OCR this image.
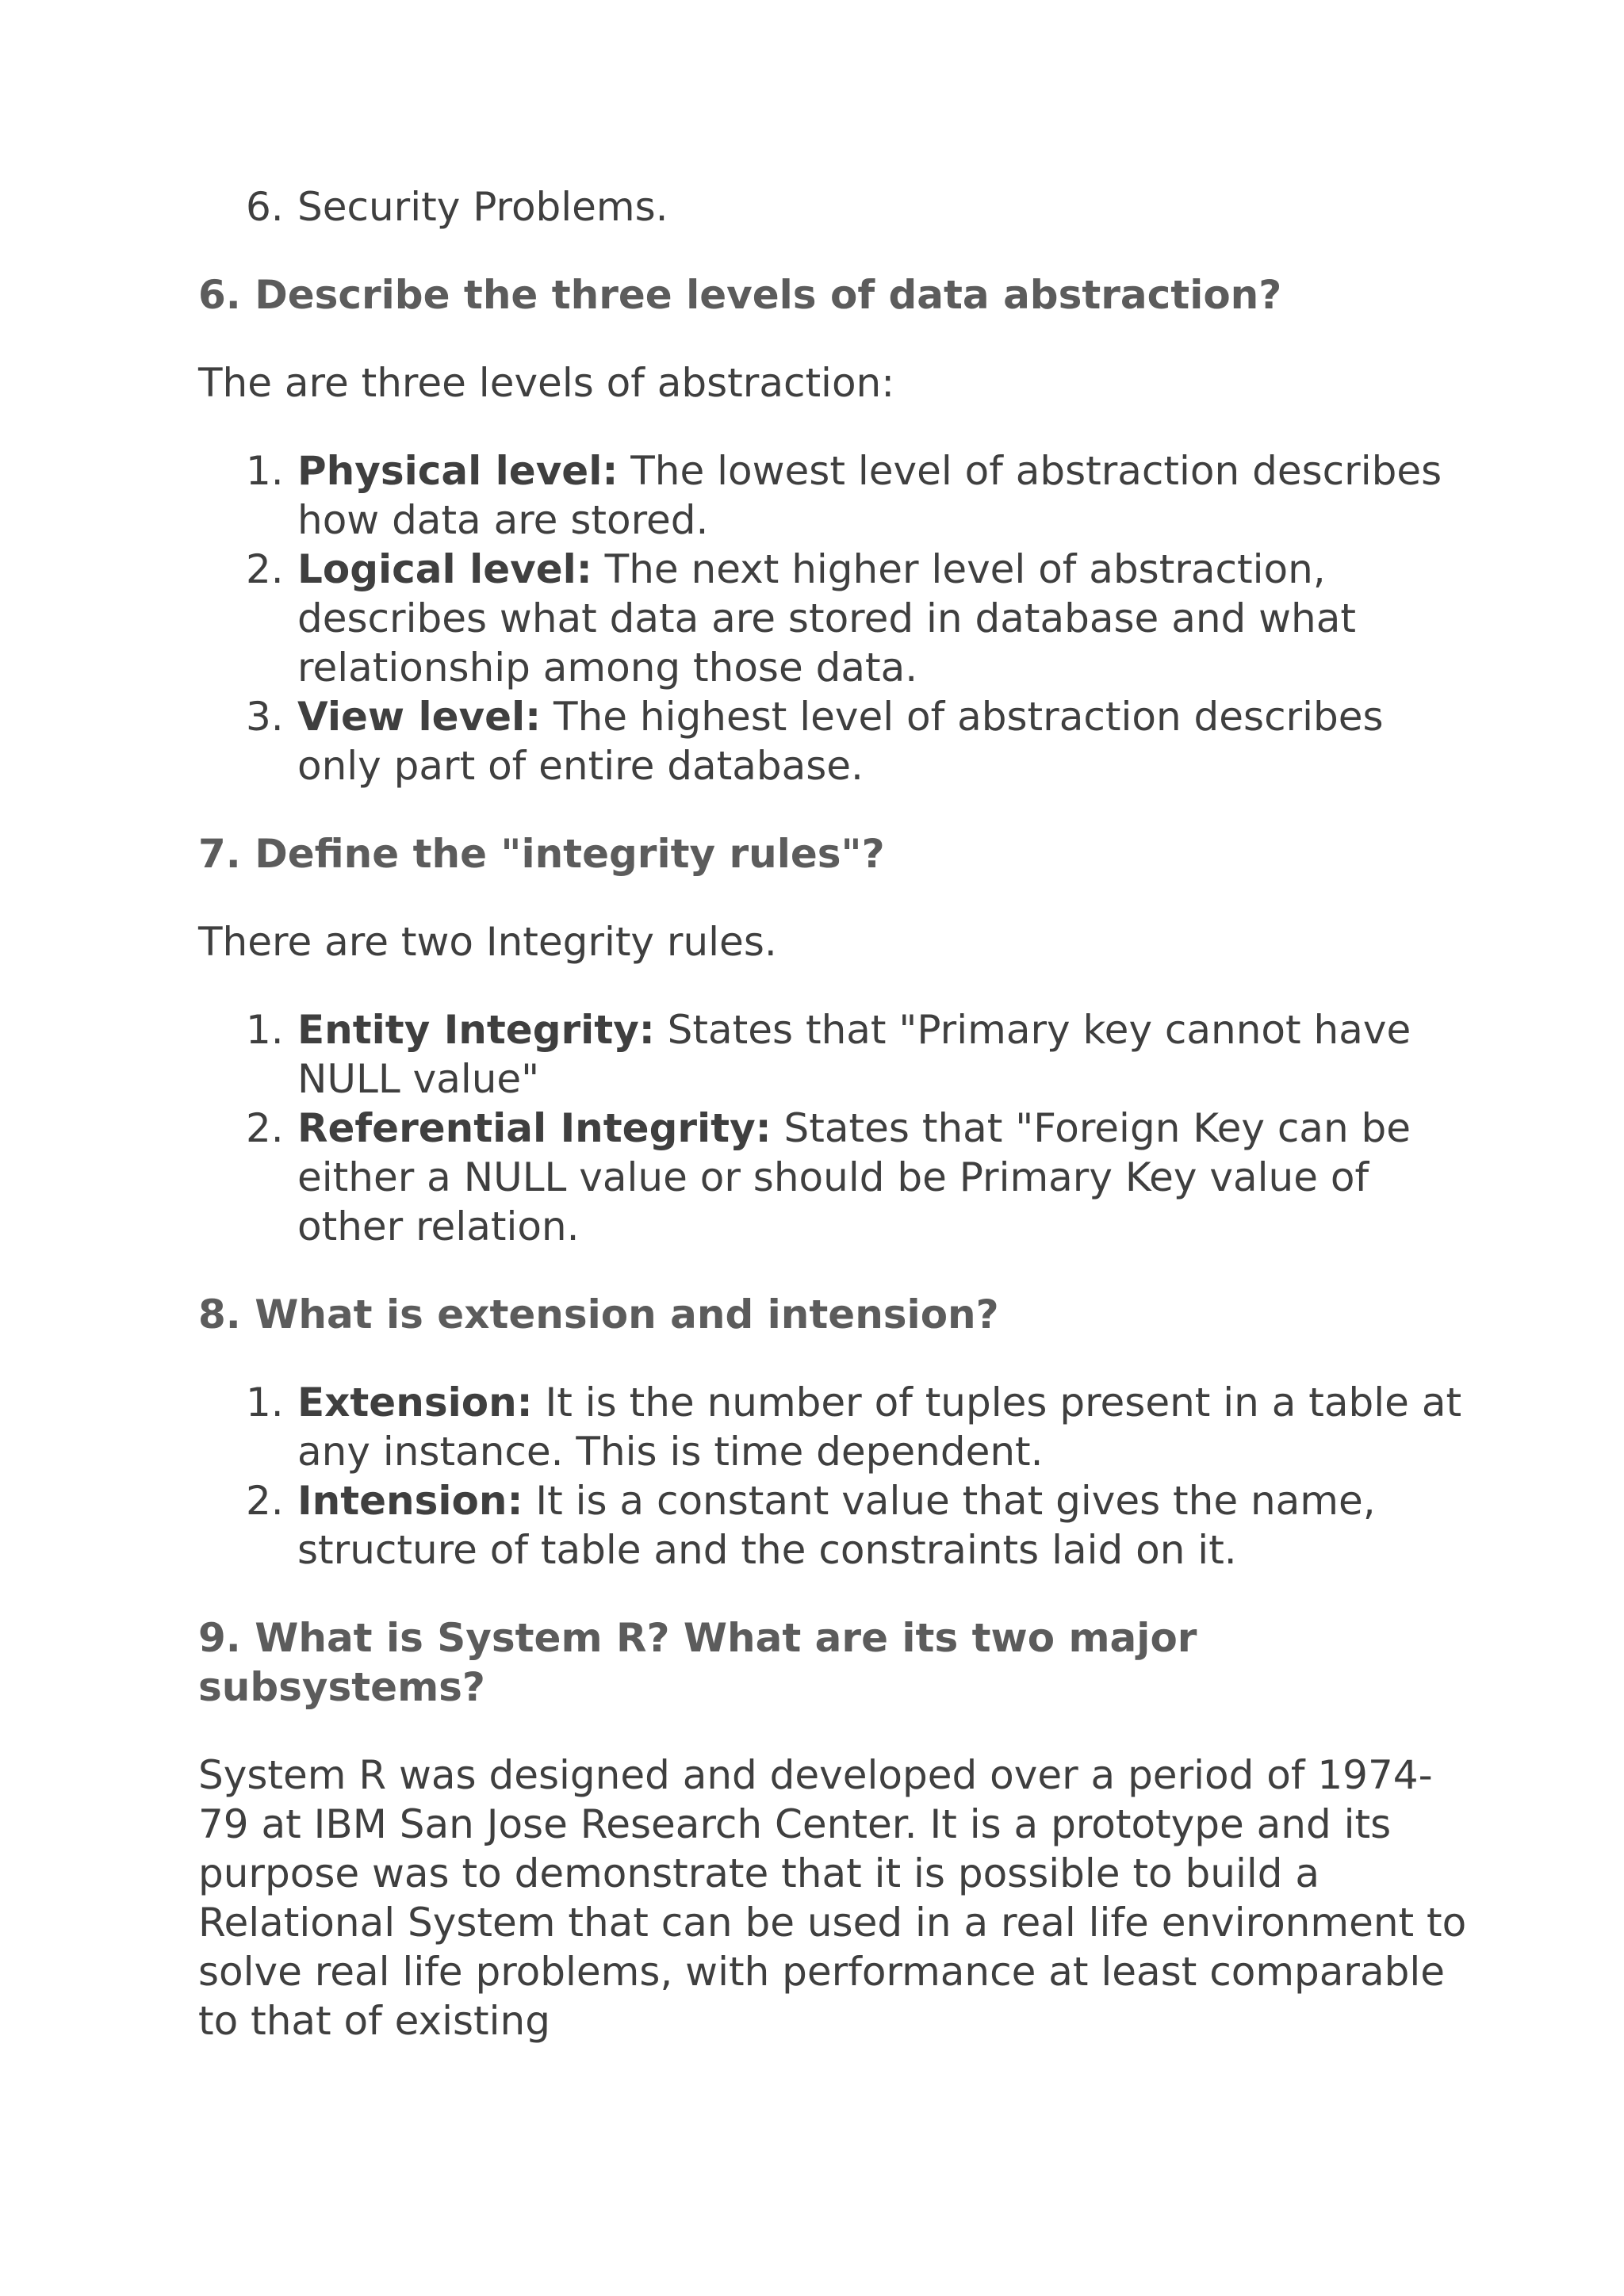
6. Security Problems.

6. Describe the three levels of data abstraction?

The are three levels of abstraction:

1. Physical level: The lowest level of abstraction describes how data are stored.
2. Logical level: The next higher level of abstraction, describes what data are stored in database and what relationship among those data.
3. View level: The highest level of abstraction describes only part of entire database.

7. Define the "integrity rules"?

There are two Integrity rules.

1. Entity Integrity: States that "Primary key cannot have NULL value"
2. Referential Integrity: States that "Foreign Key can be either a NULL value or should be Primary Key value of other relation.

8. What is extension and intension?

1. Extension: It is the number of tuples present in a table at any instance. This is time dependent.
2. Intension: It is a constant value that gives the name, structure of table and the constraints laid on it.

9. What is System R? What are its two major subsystems?

System R was designed and developed over a period of 1974-79 at IBM San Jose Research Center. It is a prototype and its purpose was to demonstrate that it is possible to build a Relational System that can be used in a real life environment to solve real life problems, with performance at least comparable to that of existing
